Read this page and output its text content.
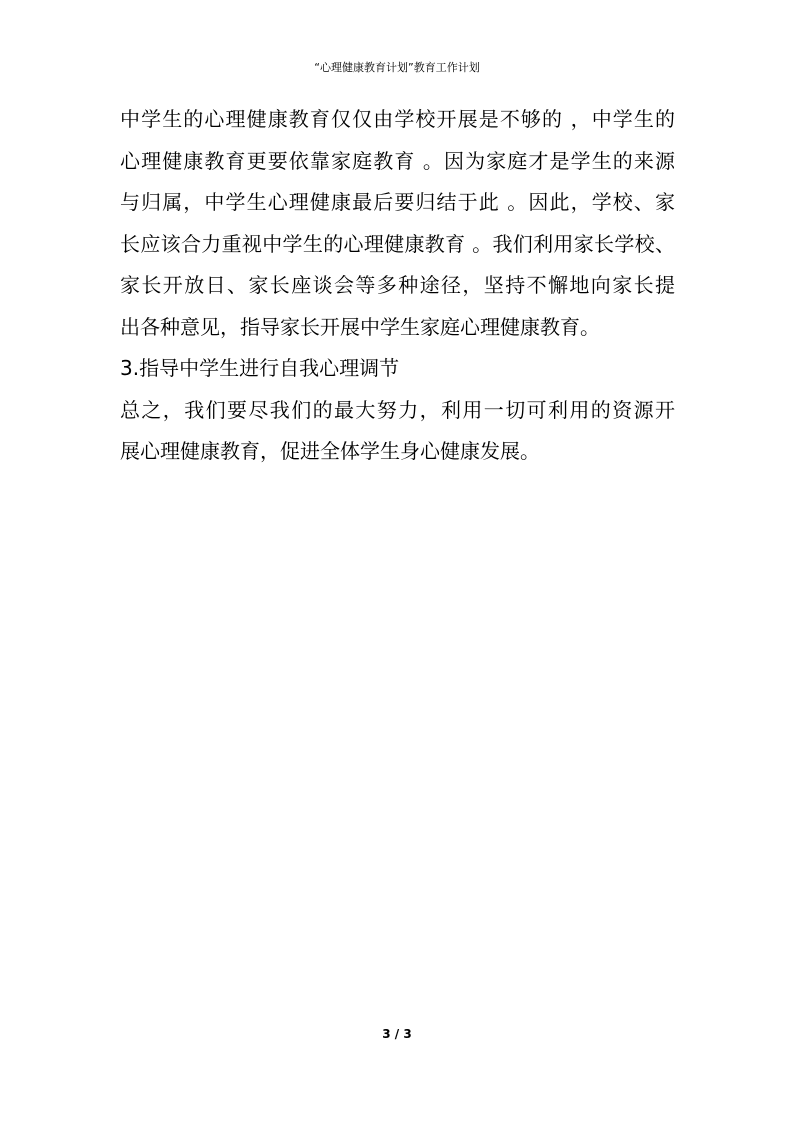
“心理健康教育计划”教育工作计划

中学生的心理健康教育仅仅由学校开展是不够的 ，中学生的
心理健康教育更要依靠家庭教育 。因为家庭才是学生的来源
与归属，中学生心理健康最后要归结于此 。因此，学校、家
长应该合力重视中学生的心理健康教育 。我们利用家长学校、
家长开放日、家长座谈会等多种途径，坚持不懈地向家长提
出各种意见，指导家长开展中学生家庭心理健康教育。

3.指导中学生进行自我心理调节

总之，我们要尽我们的最大努力，利用一切可利用的资源开
展心理健康教育，促进全体学生身心健康发展。

3 / 3
